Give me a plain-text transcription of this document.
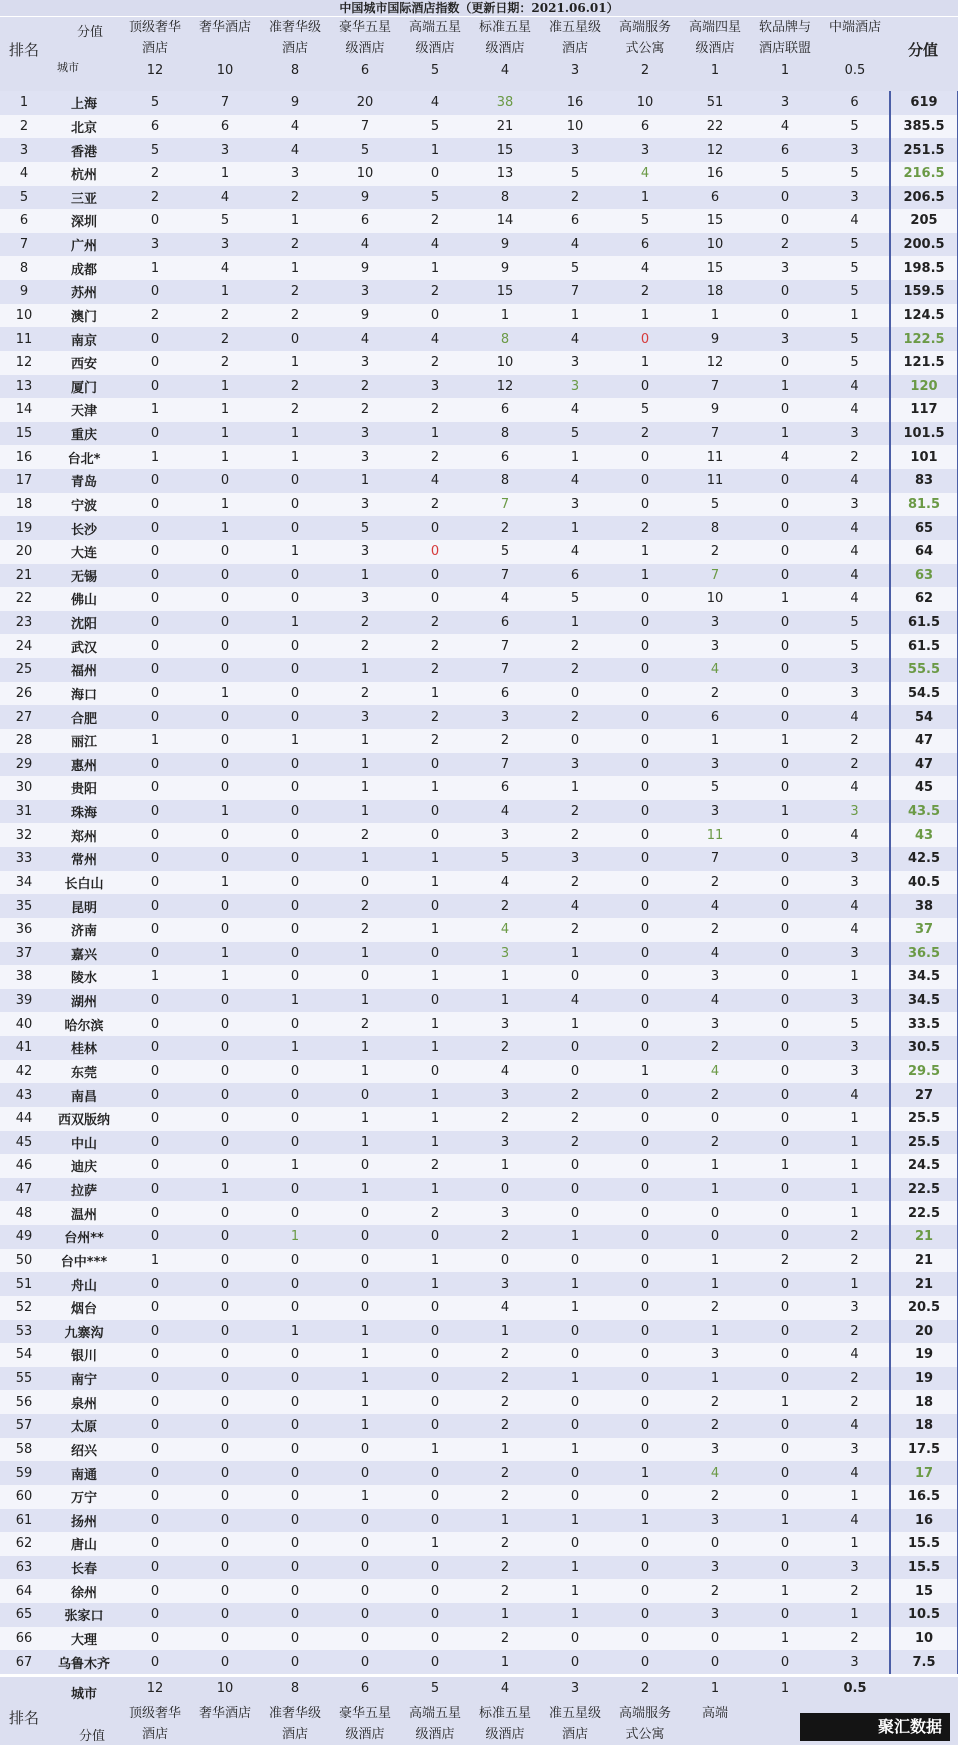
中国城市国际酒店指数（更新日期：2021.06.01）
排名
分值
城市
分值
顶级奢华
酒店
12
奢华酒店
10
准奢华级
酒店
8
豪华五星
级酒店
6
高端五星
级酒店
5
标准五星
级酒店
4
准五星级
酒店
3
高端服务
式公寓
2
高端四星
级酒店
1
软品牌与
酒店联盟
1
中端酒店
0.5
1	上海	5	7	9	20	4	38	16	10	51	3	6	619
2	北京	6	6	4	7	5	21	10	6	22	4	5	385.5
3	香港	5	3	4	5	1	15	3	3	12	6	3	251.5
4	杭州	2	1	3	10	0	13	5	4	16	5	5	216.5
5	三亚	2	4	2	9	5	8	2	1	6	0	3	206.5
6	深圳	0	5	1	6	2	14	6	5	15	0	4	205
7	广州	3	3	2	4	4	9	4	6	10	2	5	200.5
8	成都	1	4	1	9	1	9	5	4	15	3	5	198.5
9	苏州	0	1	2	3	2	15	7	2	18	0	5	159.5
10	澳门	2	2	2	9	0	1	1	1	1	0	1	124.5
11	南京	0	2	0	4	4	8	4	0	9	3	5	122.5
12	西安	0	2	1	3	2	10	3	1	12	0	5	121.5
13	厦门	0	1	2	2	3	12	3	0	7	1	4	120
14	天津	1	1	2	2	2	6	4	5	9	0	4	117
15	重庆	0	1	1	3	1	8	5	2	7	1	3	101.5
16	台北*	1	1	1	3	2	6	1	0	11	4	2	101
17	青岛	0	0	0	1	4	8	4	0	11	0	4	83
18	宁波	0	1	0	3	2	7	3	0	5	0	3	81.5
19	长沙	0	1	0	5	0	2	1	2	8	0	4	65
20	大连	0	0	1	3	0	5	4	1	2	0	4	64
21	无锡	0	0	0	1	0	7	6	1	7	0	4	63
22	佛山	0	0	0	3	0	4	5	0	10	1	4	62
23	沈阳	0	0	1	2	2	6	1	0	3	0	5	61.5
24	武汉	0	0	0	2	2	7	2	0	3	0	5	61.5
25	福州	0	0	0	1	2	7	2	0	4	0	3	55.5
26	海口	0	1	0	2	1	6	0	0	2	0	3	54.5
27	合肥	0	0	0	3	2	3	2	0	6	0	4	54
28	丽江	1	0	1	1	2	2	0	0	1	1	2	47
29	惠州	0	0	0	1	0	7	3	0	3	0	2	47
30	贵阳	0	0	0	1	1	6	1	0	5	0	4	45
31	珠海	0	1	0	1	0	4	2	0	3	1	3	43.5
32	郑州	0	0	0	2	0	3	2	0	11	0	4	43
33	常州	0	0	0	1	1	5	3	0	7	0	3	42.5
34	长白山	0	1	0	0	1	4	2	0	2	0	3	40.5
35	昆明	0	0	0	2	0	2	4	0	4	0	4	38
36	济南	0	0	0	2	1	4	2	0	2	0	4	37
37	嘉兴	0	1	0	1	0	3	1	0	4	0	3	36.5
38	陵水	1	1	0	0	1	1	0	0	3	0	1	34.5
39	湖州	0	0	1	1	0	1	4	0	4	0	3	34.5
40	哈尔滨	0	0	0	2	1	3	1	0	3	0	5	33.5
41	桂林	0	0	1	1	1	2	0	0	2	0	3	30.5
42	东莞	0	0	0	1	0	4	0	1	4	0	3	29.5
43	南昌	0	0	0	0	1	3	2	0	2	0	4	27
44	西双版纳	0	0	0	1	1	2	2	0	0	0	1	25.5
45	中山	0	0	0	1	1	3	2	0	2	0	1	25.5
46	迪庆	0	0	1	0	2	1	0	0	1	1	1	24.5
47	拉萨	0	1	0	1	1	0	0	0	1	0	1	22.5
48	温州	0	0	0	0	2	3	0	0	0	0	1	22.5
49	台州**	0	0	1	0	0	2	1	0	0	0	2	21
50	台中***	1	0	0	0	1	0	0	0	1	2	2	21
51	舟山	0	0	0	0	1	3	1	0	1	0	1	21
52	烟台	0	0	0	0	0	4	1	0	2	0	3	20.5
53	九寨沟	0	0	1	1	0	1	0	0	1	0	2	20
54	银川	0	0	0	1	0	2	0	0	3	0	4	19
55	南宁	0	0	0	1	0	2	1	0	1	0	2	19
56	泉州	0	0	0	1	0	2	0	0	2	1	2	18
57	太原	0	0	0	1	0	2	0	0	2	0	4	18
58	绍兴	0	0	0	0	1	1	1	0	3	0	3	17.5
59	南通	0	0	0	0	0	2	0	1	4	0	4	17
60	万宁	0	0	0	1	0	2	0	0	2	0	1	16.5
61	扬州	0	0	0	0	0	1	1	1	3	1	4	16
62	唐山	0	0	0	0	1	2	0	0	0	0	1	15.5
63	长春	0	0	0	0	0	2	1	0	3	0	3	15.5
64	徐州	0	0	0	0	0	2	1	0	2	1	2	15
65	张家口	0	0	0	0	0	1	1	0	3	0	1	10.5
66	大理	0	0	0	0	0	2	0	0	0	1	2	10
67	乌鲁木齐	0	0	0	0	0	1	0	0	0	0	3	7.5
城市
排名
分值
12	10	8	6	5	4	3	2	1	1	0.5
顶级奢华
酒店
奢华酒店	准奢华级
酒店
豪华五星
级酒店
高端五星
级酒店
标准五星
级酒店
准五星级
酒店
高端服务
式公寓
高端
聚汇数据
